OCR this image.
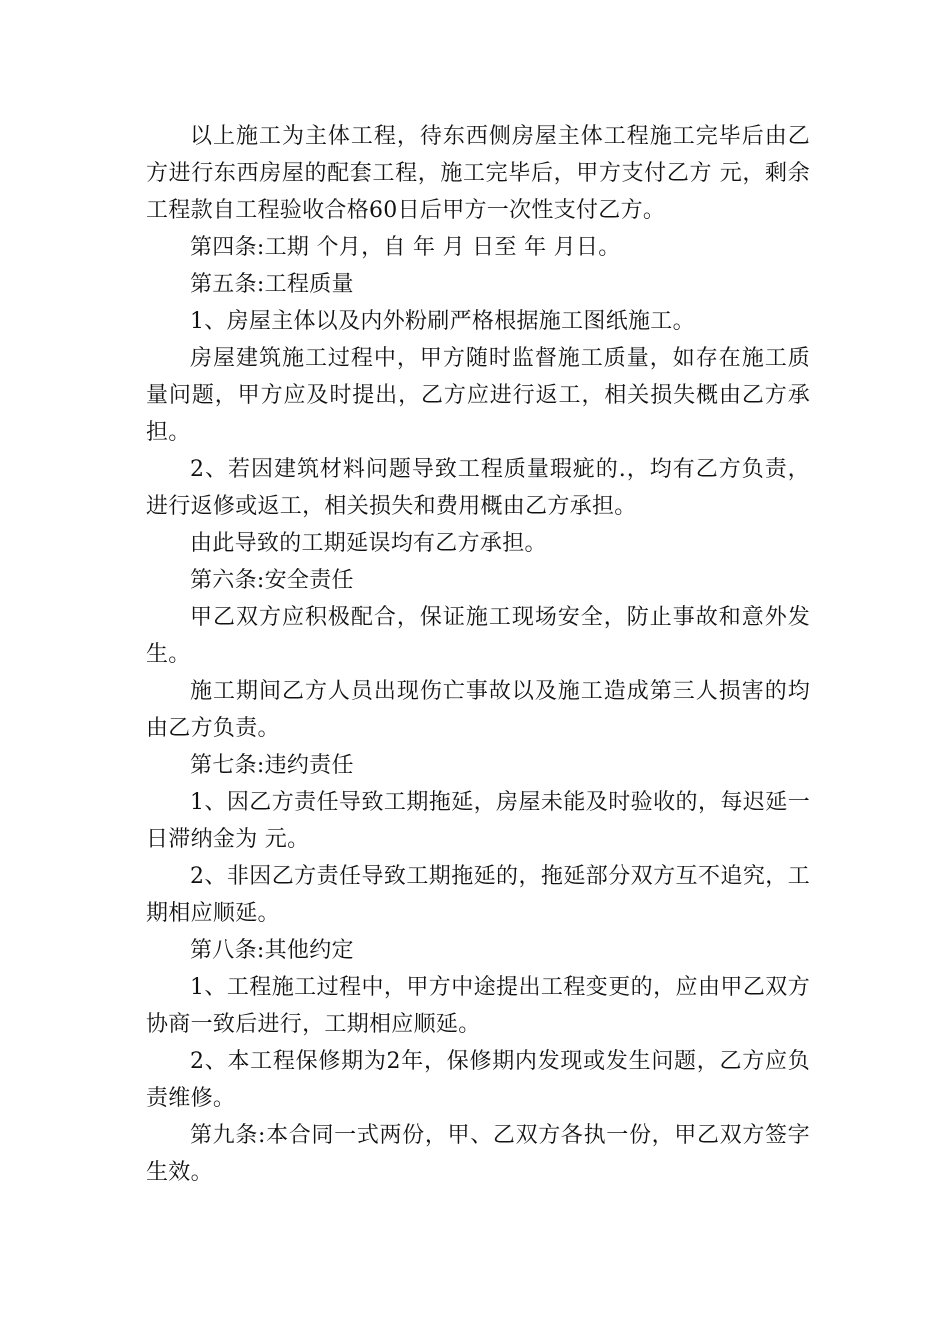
以上施工为主体工程，待东西侧房屋主体工程施工完毕后由乙方进行东西房屋的配套工程，施工完毕后，甲方支付乙方 元，剩余工程款自工程验收合格60日后甲方一次性支付乙方。

第四条:工期 个月，自 年 月 日至 年 月日。

第五条:工程质量

1、房屋主体以及内外粉刷严格根据施工图纸施工。

房屋建筑施工过程中，甲方随时监督施工质量，如存在施工质量问题，甲方应及时提出，乙方应进行返工，相关损失概由乙方承担。

2、若因建筑材料问题导致工程质量瑕疵的.，均有乙方负责，进行返修或返工，相关损失和费用概由乙方承担。

由此导致的工期延误均有乙方承担。

第六条:安全责任

甲乙双方应积极配合，保证施工现场安全，防止事故和意外发生。

施工期间乙方人员出现伤亡事故以及施工造成第三人损害的均由乙方负责。

第七条:违约责任

1、因乙方责任导致工期拖延，房屋未能及时验收的，每迟延一日滞纳金为 元。

2、非因乙方责任导致工期拖延的，拖延部分双方互不追究，工期相应顺延。

第八条:其他约定

1、工程施工过程中，甲方中途提出工程变更的，应由甲乙双方协商一致后进行，工期相应顺延。

2、本工程保修期为2年，保修期内发现或发生问题，乙方应负责维修。

第九条:本合同一式两份，甲、乙双方各执一份，甲乙双方签字生效。
